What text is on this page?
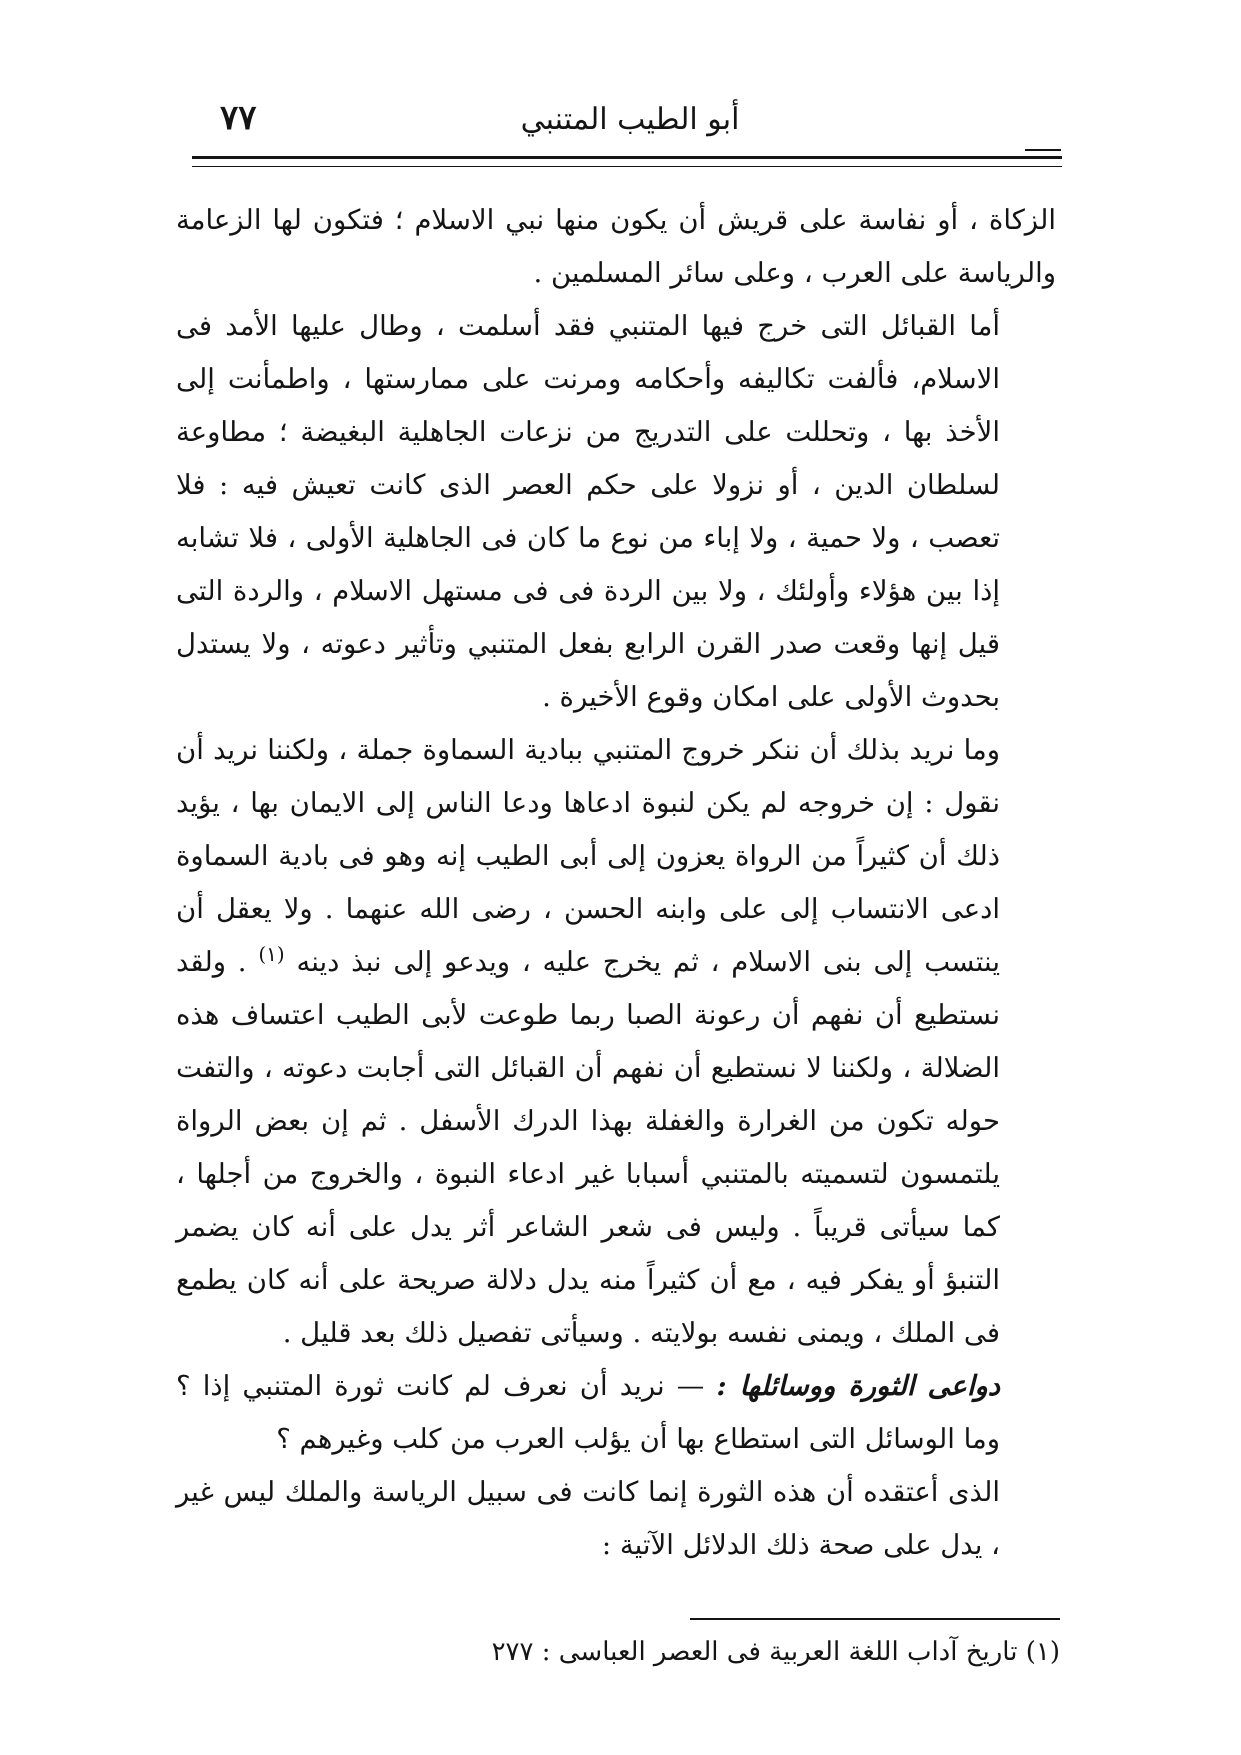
٧٧	أبو الطيب المتنبي

الزكاة ، أو نفاسة على قريش أن يكون منها نبي الاسلام ؛ فتكون لها الزعامة والرياسة على العرب ، وعلى سائر المسلمين .

أما القبائل التى خرج فيها المتنبي فقد أسلمت ، وطال عليها الأمد فى الاسلام، فألفت تكاليفه وأحكامه ومرنت على ممارستها ، واطمأنت إلى الأخذ بها ، وتحللت على التدريج من نزعات الجاهلية البغيضة ؛ مطاوعة لسلطان الدين ، أو نزولا على حكم العصر الذى كانت تعيش فيه : فلا تعصب ، ولا حمية ، ولا إباء من نوع ما كان فى الجاهلية الأولى ، فلا تشابه إذا بين هؤلاء وأولئك ، ولا بين الردة فى فى مستهل الاسلام ، والردة التى قيل إنها وقعت صدر القرن الرابع بفعل المتنبي وتأثير دعوته ، ولا يستدل بحدوث الأولى على امكان وقوع الأخيرة .

وما نريد بذلك أن ننكر خروج المتنبي ببادية السماوة جملة ، ولكننا نريد أن نقول : إن خروجه لم يكن لنبوة ادعاها ودعا الناس إلى الايمان بها ، يؤيد ذلك أن كثيراً من الرواة يعزون إلى أبى الطيب إنه وهو فى بادية السماوة ادعى الانتساب إلى على وابنه الحسن ، رضى الله عنهما . ولا يعقل أن ينتسب إلى بنى الاسلام ، ثم يخرج عليه ، ويدعو إلى نبذ دينه $^{(١)}$ . ولقد نستطيع أن نفهم أن رعونة الصبا ربما طوعت لأبى الطيب اعتساف هذه الضلالة ، ولكننا لا نستطيع أن نفهم أن القبائل التى أجابت دعوته ، والتفت حوله تكون من الغرارة والغفلة بهذا الدرك الأسفل . ثم إن بعض الرواة يلتمسون لتسميته بالمتنبي أسبابا غير ادعاء النبوة ، والخروج من أجلها ، كما سيأتى قريباً . وليس فى شعر الشاعر أثر يدل على أنه كان يضمر التنبؤ أو يفكر فيه ، مع أن كثيراً منه يدل دلالة صريحة على أنه كان يطمع فى الملك ، ويمنى نفسه بولايته . وسيأتى تفصيل ذلك بعد قليل .

دواعى الثورة ووسائلها : — نريد أن نعرف لم كانت ثورة المتنبي إذا ؟ وما الوسائل التى استطاع بها أن يؤلب العرب من كلب وغيرهم ؟

الذى أعتقده أن هذه الثورة إنما كانت فى سبيل الرياسة والملك ليس غير ، يدل على صحة ذلك الدلائل الآتية :

(١) تاريخ آداب اللغة العربية فى العصر العباسى : ٢٧٧
